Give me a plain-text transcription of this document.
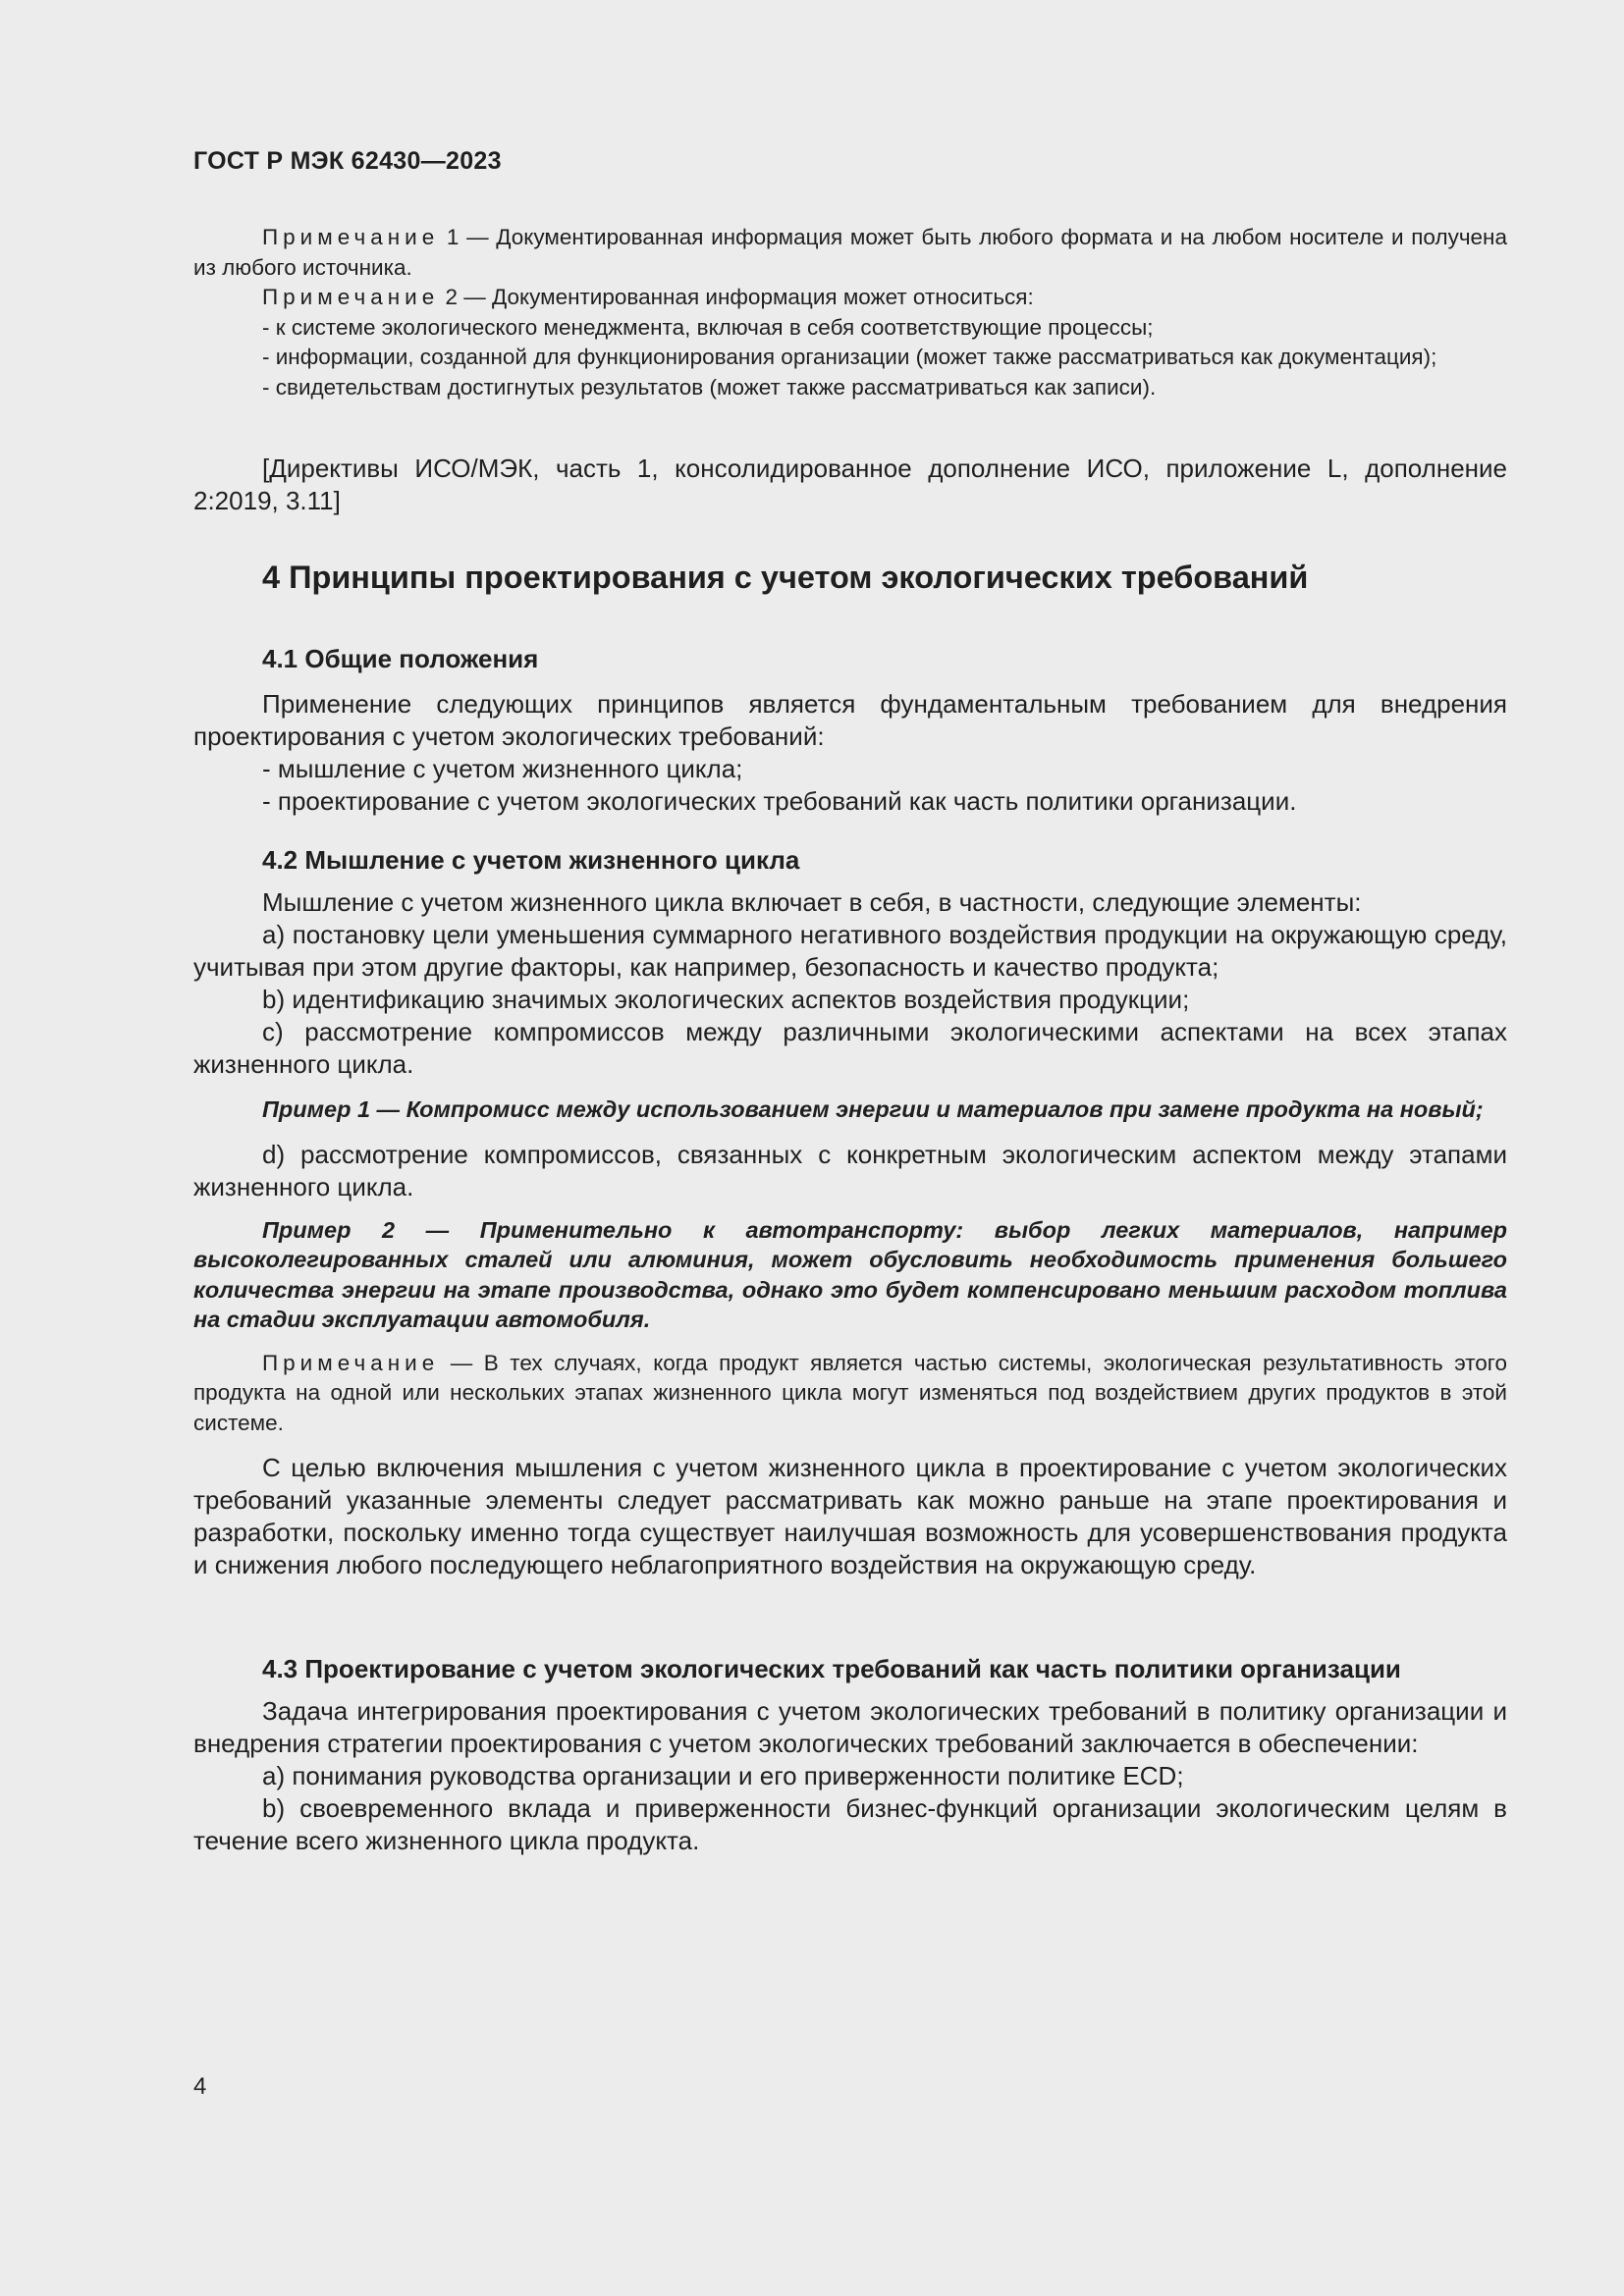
ГОСТ Р МЭК 62430—2023

Примечание 1 — Документированная информация может быть любого формата и на любом носителе и получена из любого источника.

Примечание 2 — Документированная информация может относиться:

- к системе экологического менеджмента, включая в себя соответствующие процессы;

- информации, созданной для функционирования организации (может также рассматриваться как документация);

- свидетельствам достигнутых результатов (может также рассматриваться как записи).

[Директивы ИСО/МЭК, часть 1, консолидированное дополнение ИСО, приложение L, дополнение 2:2019, 3.11]

4 Принципы проектирования с учетом экологических требований
4.1 Общие положения

Применение следующих принципов является фундаментальным требованием для внедрения проектирования с учетом экологических требований:

- мышление с учетом жизненного цикла;

- проектирование с учетом экологических требований как часть политики организации.

4.2 Мышление с учетом жизненного цикла

Мышление с учетом жизненного цикла включает в себя, в частности, следующие элементы:

a) постановку цели уменьшения суммарного негативного воздействия продукции на окружающую среду, учитывая при этом другие факторы, как например, безопасность и качество продукта;

b) идентификацию значимых экологических аспектов воздействия продукции;

c) рассмотрение компромиссов между различными экологическими аспектами на всех этапах жизненного цикла.

Пример 1 — Компромисс между использованием энергии и материалов при замене продукта на новый;

d) рассмотрение компромиссов, связанных с конкретным экологическим аспектом между этапами жизненного цикла.

Пример 2 — Применительно к автотранспорту: выбор легких материалов, например высоколегированных сталей или алюминия, может обусловить необходимость применения большего количества энергии на этапе производства, однако это будет компенсировано меньшим расходом топлива на стадии эксплуатации автомобиля.

Примечание — В тех случаях, когда продукт является частью системы, экологическая результативность этого продукта на одной или нескольких этапах жизненного цикла могут изменяться под воздействием других продуктов в этой системе.

С целью включения мышления с учетом жизненного цикла в проектирование с учетом экологических требований указанные элементы следует рассматривать как можно раньше на этапе проектирования и разработки, поскольку именно тогда существует наилучшая возможность для усовершенствования продукта и снижения любого последующего неблагоприятного воздействия на окружающую среду.

4.3 Проектирование с учетом экологических требований как часть политики организации

Задача интегрирования проектирования с учетом экологических требований в политику организации и внедрения стратегии проектирования с учетом экологических требований заключается в обеспечении:

a) понимания руководства организации и его приверженности политике ECD;

b) своевременного вклада и приверженности бизнес-функций организации экологическим целям в течение всего жизненного цикла продукта.

4
